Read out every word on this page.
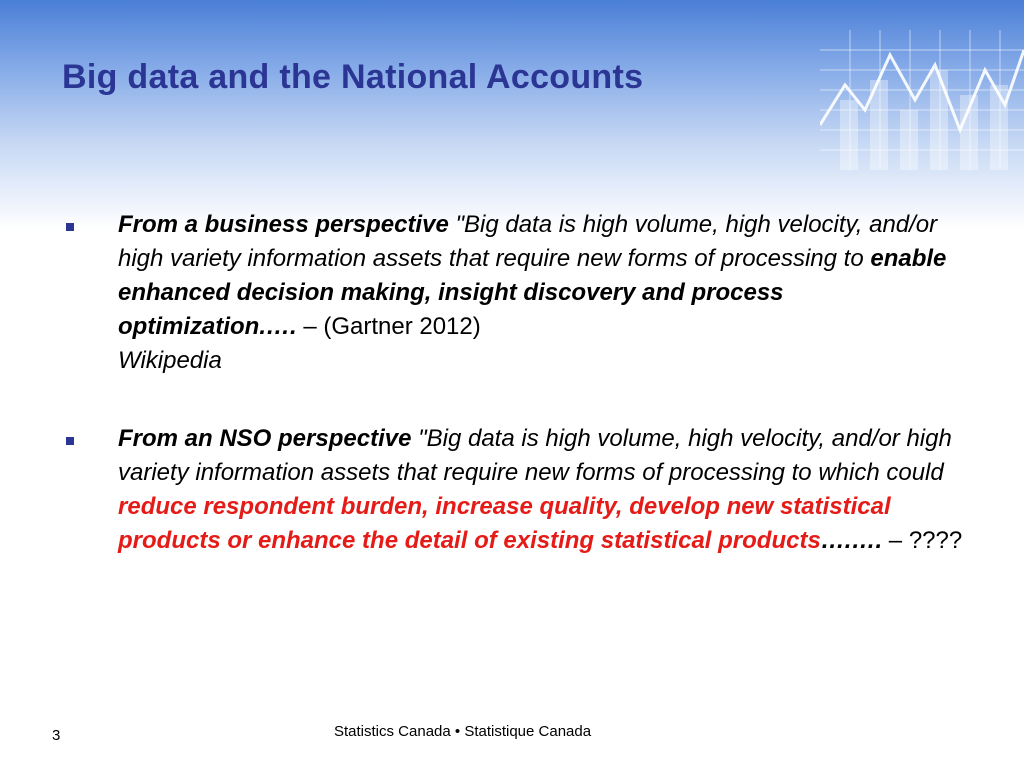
Big data and the National Accounts
From a business perspective "Big data is high volume, high velocity, and/or high variety information assets that require new forms of processing to enable enhanced decision making, insight discovery and process optimization.…. – (Gartner 2012)
Wikipedia
From an NSO perspective "Big data is high volume, high velocity, and/or high variety information assets that require new forms of processing to which could reduce respondent burden, increase quality, develop new statistical products or enhance the detail of existing statistical products….…. – ????
3	Statistics Canada • Statistique Canada
